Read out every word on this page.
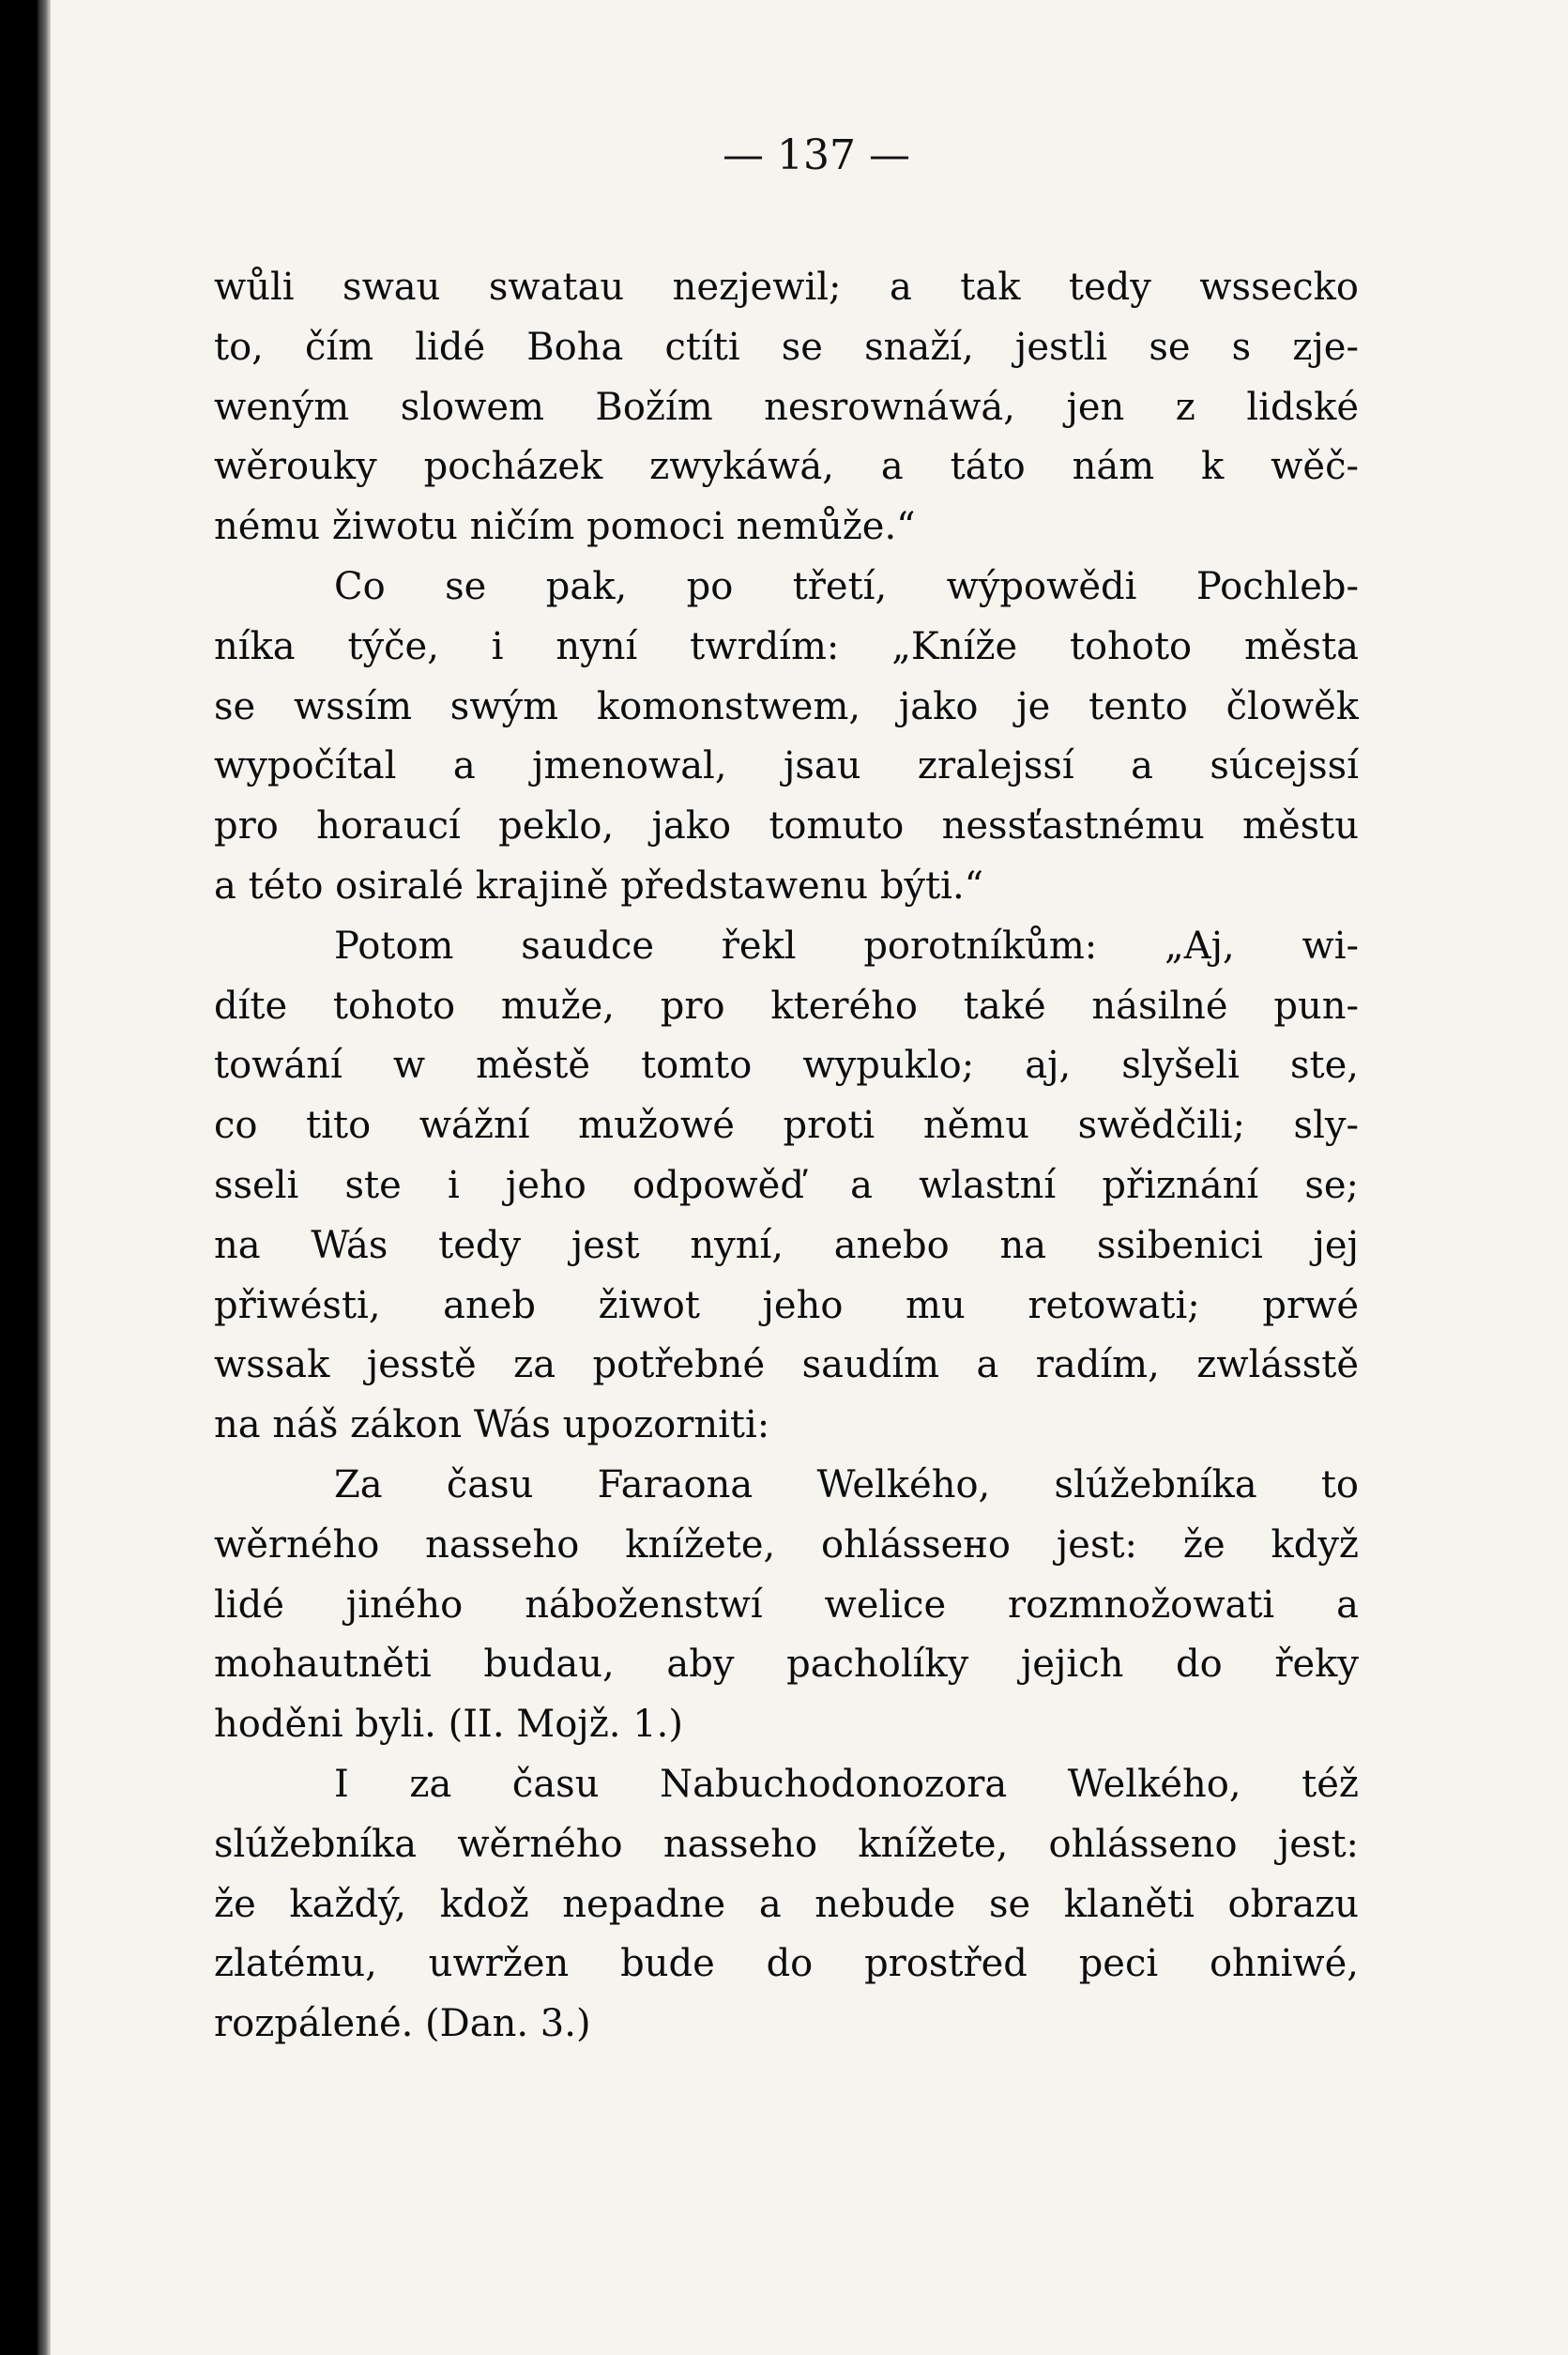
— 137 —
wůli swau swatau nezjewil; a tak tedy wssecko
to, čím lidé Boha ctíti se snaží, jestli se s zje-
weným slowem Božím nesrownáwá, jen z lidské
wěrouky pocházek zwykáwá, a táto nám k wěč-
nému žiwotu ničím pomoci nemůže.“
Co se pak, po třetí, wýpowědi Pochleb-
níka týče, i nyní twrdím: „Kníže tohoto města
se wssím swým komonstwem, jako je tento člowěk
wypočítal a jmenowal, jsau zralejssí a súcejssí
pro horaucí peklo, jako tomuto nessťastnému městu
a této osiralé krajině předstawenu býti.“
Potom saudce řekl porotníkům: „Aj, wi-
díte tohoto muže, pro kterého také násilné pun-
towání w městě tomto wypuklo; aj, slyšeli ste,
co tito wážní mužowé proti němu swědčili; sly-
sseli ste i jeho odpowěď a wlastní přiznání se;
na Wás tedy jest nyní, anebo na ssibenici jej
přiwésti, aneb žiwot jeho mu retowati; prwé
wssak jesstě za potřebné saudím a radím, zwlásstě
na náš zákon Wás upozorniti:
Za času Faraona Welkého, slúžebníka to
wěrného nasseho knížete, ohlássено jest: že když
lidé jiného náboženstwí welice rozmnožowati a
mohautněti budau, aby pacholíky jejich do řeky
hoděni byli. (II. Mojž. 1.)
I za času Nabuchodonozora Welkého, též
slúžebníka wěrného nasseho knížete, ohlásseno jest:
že každý, kdož nepadne a nebude se klaněti obrazu
zlatému, uwržen bude do prostřed peci ohniwé,
rozpálené. (Dan. 3.)
